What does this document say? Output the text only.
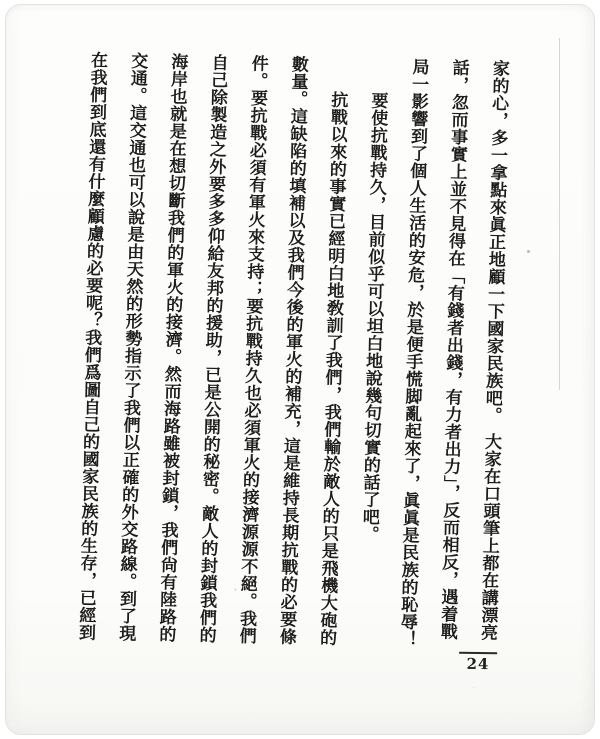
家的心，多一拿點來眞正地顧一下國家民族吧。　大家在口頭筆上都在講漂亮
話，忽而事實上並不見得在「有錢者出錢，有力者出力」，反而相反，遇着戰
局一影響到了個人生活的安危，於是便手慌脚亂起來了，眞眞是民族的恥辱！
　　要使抗戰持久，目前似乎可以坦白地說幾句切實的話了吧。
　　抗戰以來的事實已經明白地敎訓了我們，我們輸於敵人的只是飛機大砲的
數量。這缺陷的填補以及我們今後的軍火的補充，這是維持長期抗戰的必要條
件。要抗戰必須有軍火來支持；要抗戰持久也必須軍火的接濟源源不絕。我們
自己除製造之外要多多仰給友邦的援助，已是公開的秘密。敵人的封鎖我們的
海岸也就是在想切斷我們的軍火的接濟。然而海路雖被封鎖，我們尙有陸路的
交通。這交通也可以說是由天然的形勢指示了我們以正確的外交路線。到了現
在我們到底還有什麼顧慮的必要呢？我們爲圖自己的國家民族的生存，已經到
24
